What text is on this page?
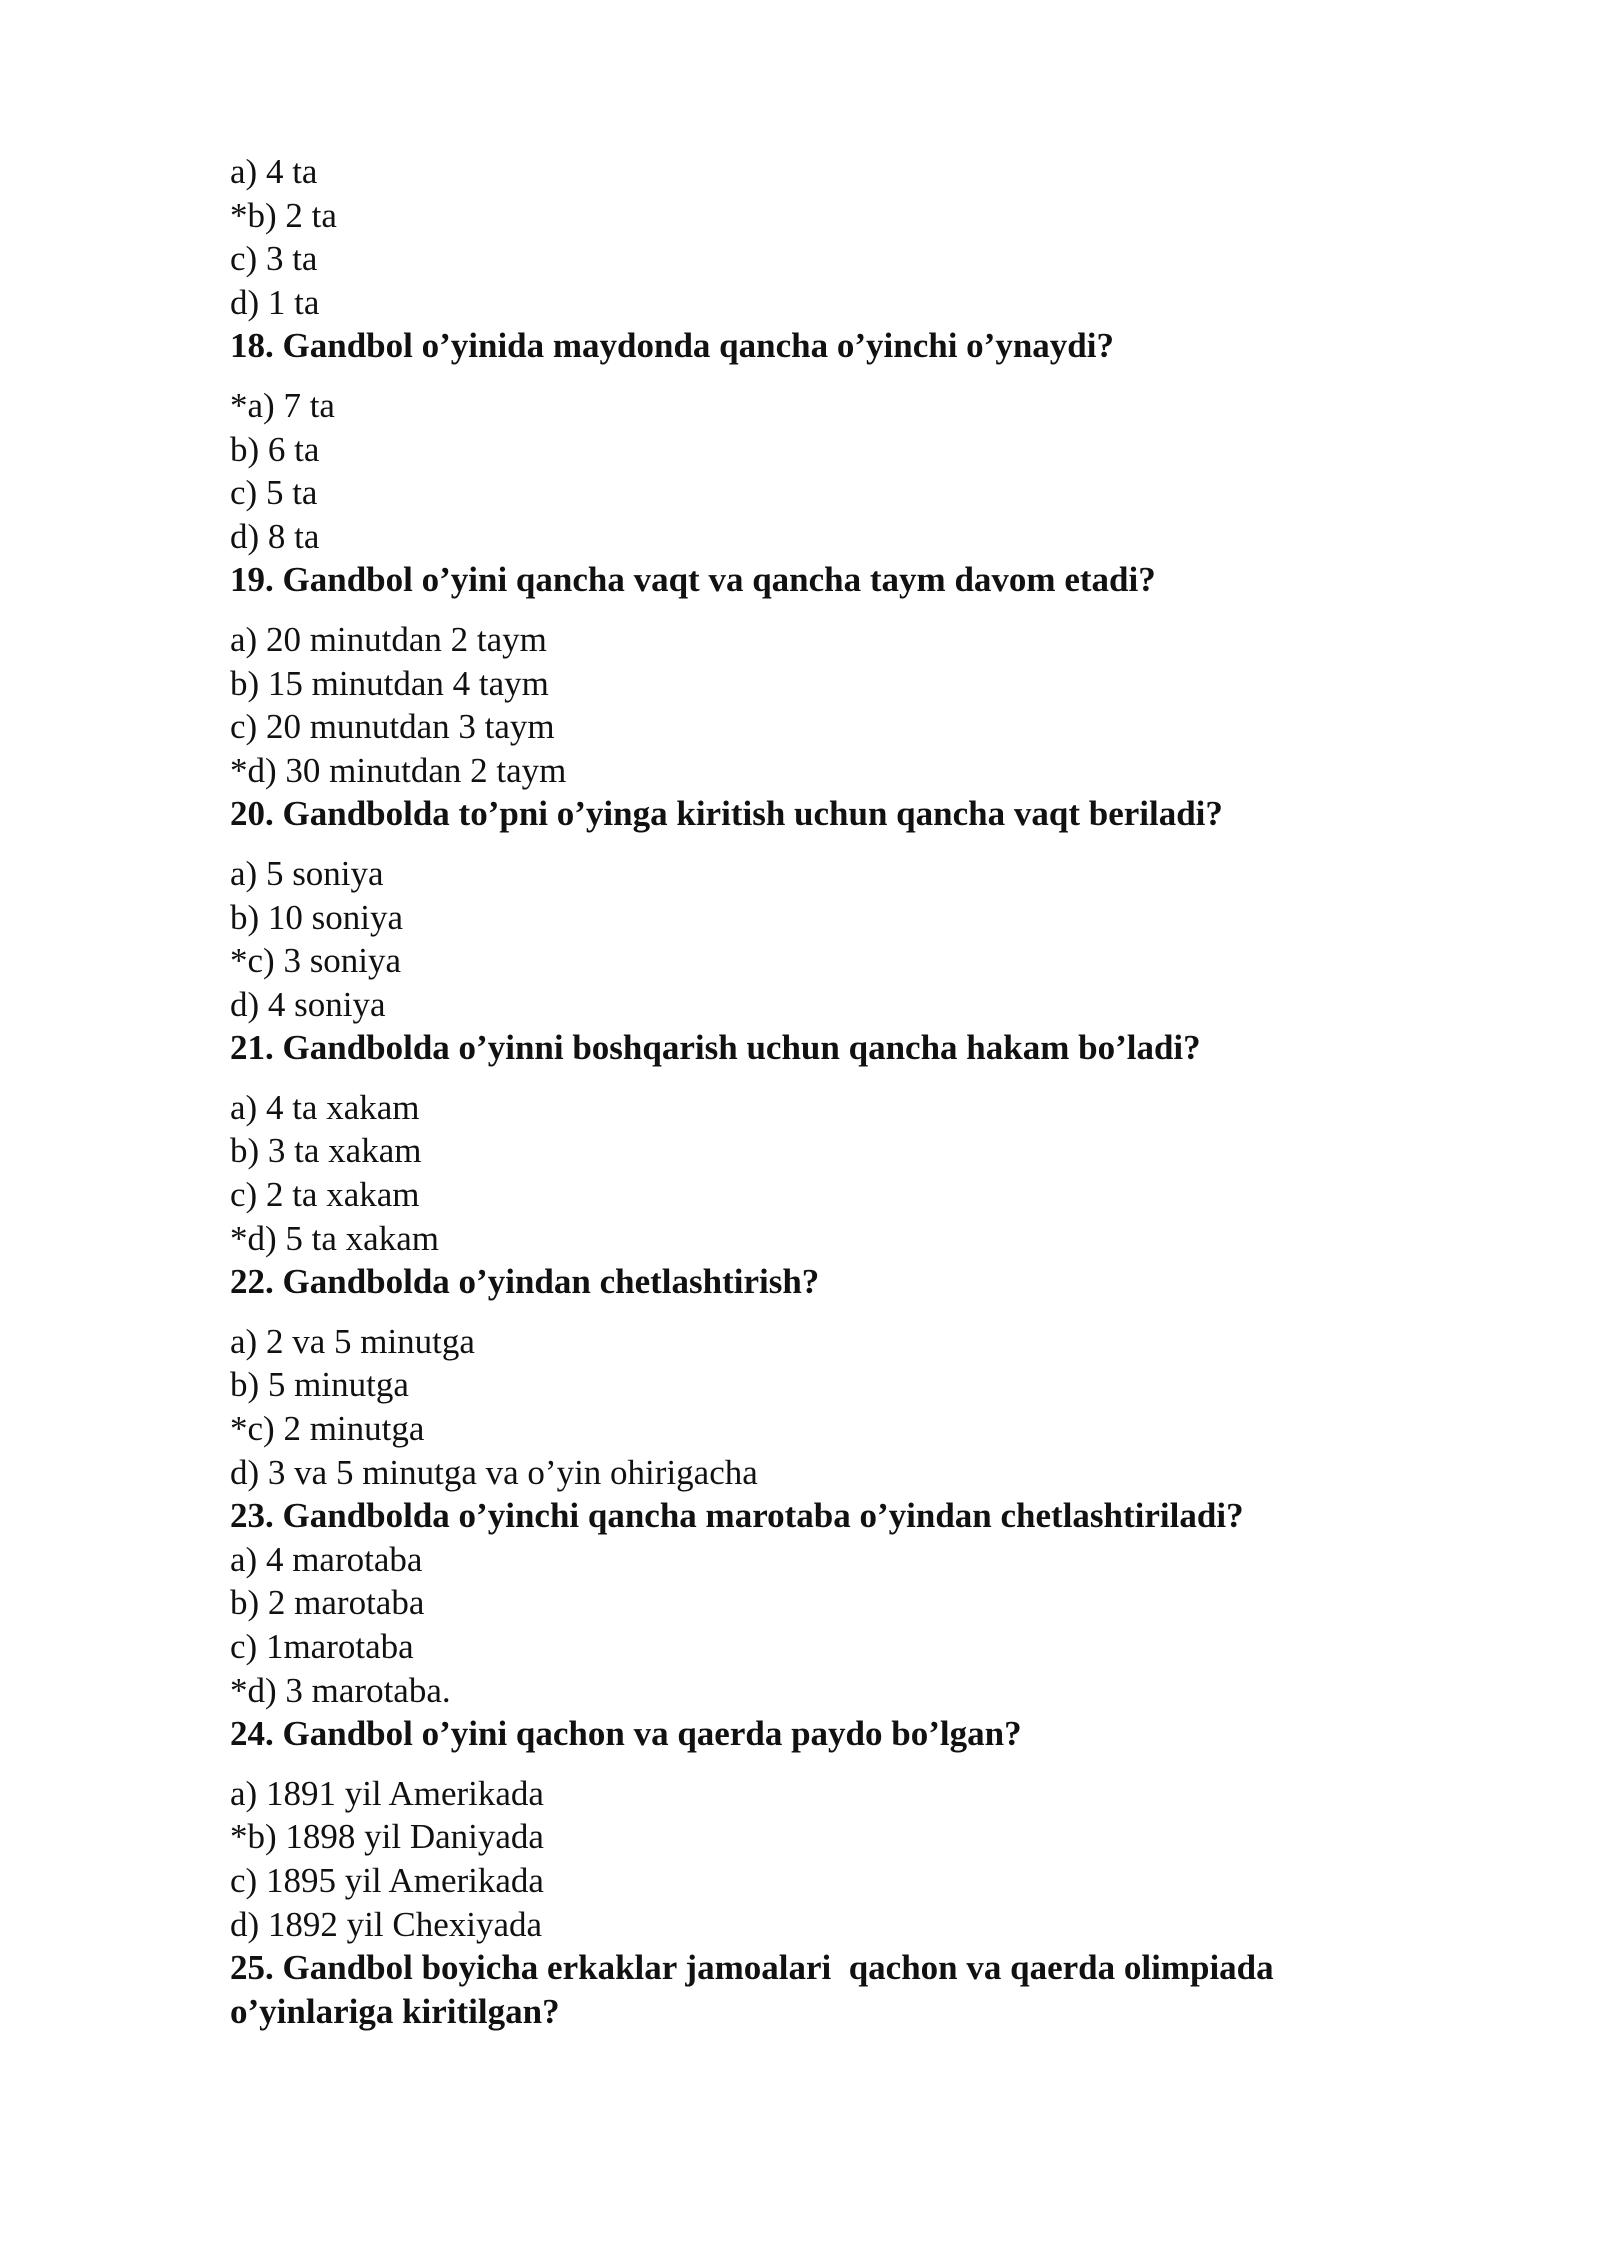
a) 4 ta
*b) 2 ta
c) 3 ta
d) 1 ta
18. Gandbol o’yinida maydonda qancha o’yinchi o’ynaydi?
*a) 7 ta
b) 6 ta
c) 5 ta
d) 8 ta
19. Gandbol o’yini qancha vaqt va qancha taym davom etadi?
a) 20 minutdan 2 taym
b) 15 minutdan 4 taym
c) 20 munutdan 3 taym
*d) 30 minutdan 2 taym
20. Gandbolda to’pni o’yinga kiritish uchun qancha vaqt beriladi?
a) 5 soniya
b) 10 soniya
*c) 3 soniya
d) 4 soniya
21. Gandbolda o’yinni boshqarish uchun qancha hakam bo’ladi?
a) 4 ta xakam
b) 3 ta xakam
c) 2 ta xakam
*d) 5 ta xakam
22. Gandbolda o’yindan chetlashtirish?
a) 2 va 5 minutga
b) 5 minutga
*c) 2 minutga
d) 3 va 5 minutga va o’yin ohirigacha
23. Gandbolda o’yinchi qancha marotaba o’yindan chetlashtiriladi?
a) 4 marotaba
b) 2 marotaba
c) 1marotaba
*d) 3 marotaba.
24. Gandbol o’yini qachon va qaerda paydo bo’lgan?
a) 1891 yil Amerikada
*b) 1898 yil Daniyada
c) 1895 yil Amerikada
d) 1892 yil Chexiyada
25. Gandbol boyicha erkaklar jamoalari  qachon va qaerda olimpiada o’yinlariga kiritilgan?
